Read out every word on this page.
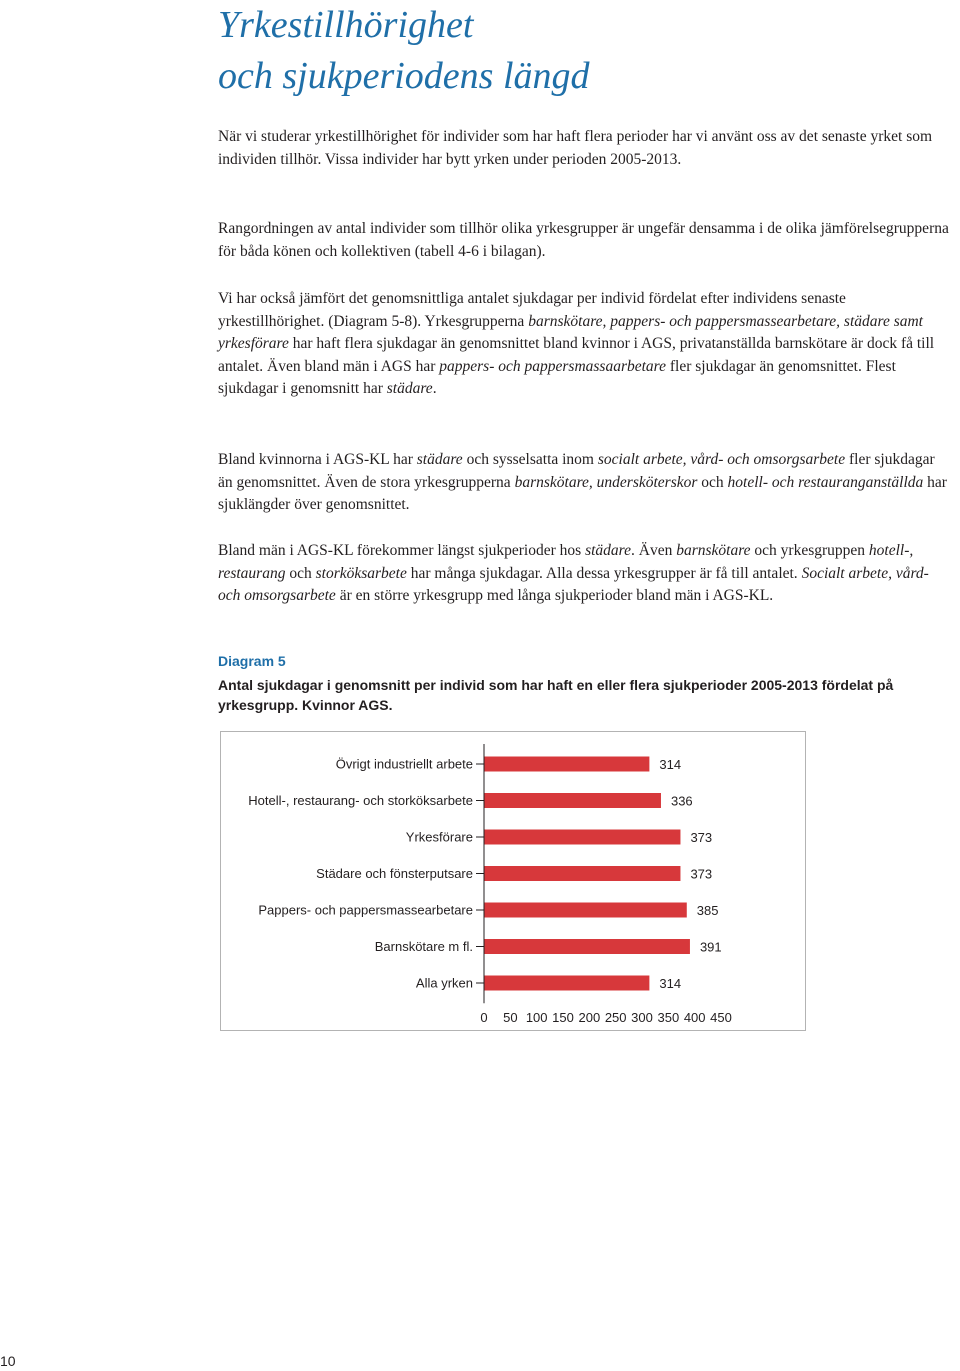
Yrkestillhörighet
och sjukperiodens längd

När vi studerar yrkestillhörighet för individer som har haft flera perioder har vi använt oss av det senaste yrket som individen tillhör. Vissa individer har bytt yrken under perioden 2005-2013.

Rangordningen av antal individer som tillhör olika yrkesgrupper är ungefär densamma i de olika jämförelsegrupperna för båda könen och kollektiven (tabell 4-6 i bilagan).

Vi har också jämfört det genomsnittliga antalet sjukdagar per individ fördelat efter individens senaste yrkestillhörighet. (Diagram 5-8). Yrkesgrupperna barnskötare, pappers- och pappersmassearbetare, städare samt yrkesförare har haft flera sjukdagar än genomsnittet bland kvinnor i AGS, privatanställda barnskötare är dock få till antalet. Även bland män i AGS har pappers- och pappersmassaarbetare fler sjukdagar än genomsnittet. Flest sjukdagar i genomsnitt har städare.

Bland kvinnorna i AGS-KL har städare och sysselsatta inom socialt arbete, vård- och omsorgsarbete fler sjukdagar än genomsnittet. Även de stora yrkesgrupperna barnskötare, undersköterskor och hotell- och restauranganställda har sjuklängder över genomsnittet.

Bland män i AGS-KL förekommer längst sjukperioder hos städare. Även barnskötare och yrkesgruppen hotell-, restaurang och storköksarbete har många sjukdagar. Alla dessa yrkesgrupper är få till antalet. Socialt arbete, vård- och omsorgsarbete är en större yrkesgrupp med långa sjukperioder bland män i AGS-KL.

Diagram 5
Antal sjukdagar i genomsnitt per individ som har haft en eller flera sjukperioder 2005-2013 fördelat på yrkesgrupp. Kvinnor AGS.
Övrigt industriellt arbete	314
Hotell-, restaurang- och storköksarbete	336
Yrkesförare	373
Städare och fönsterputsare	373
Pappers- och pappersmassearbetare	385
Barnskötare m fl.	391
Alla yrken	314
0 50 100 150 200 250 300 350 400 450
10
